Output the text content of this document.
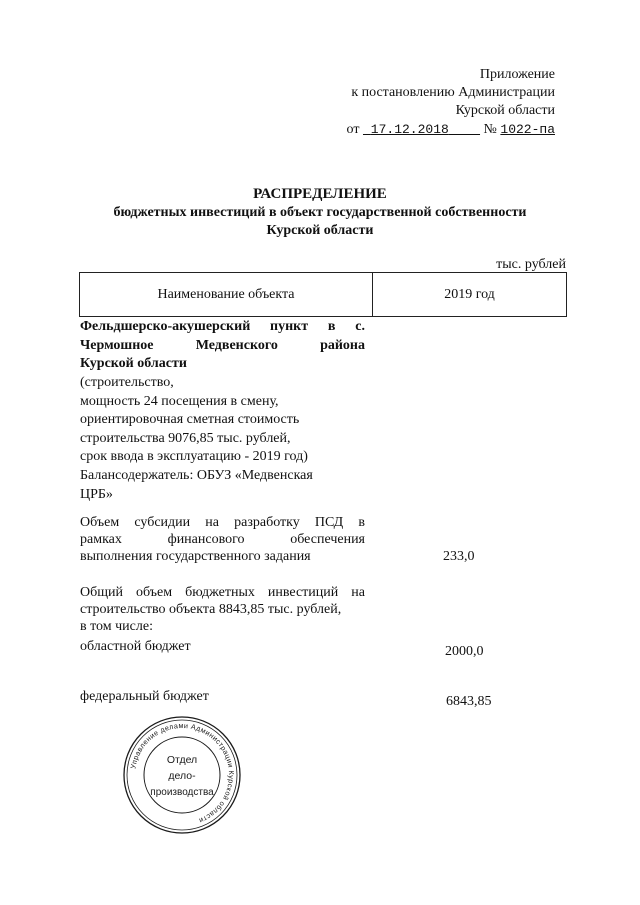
Приложение
к постановлению Администрации
Курской области
от 17.12.2018 № 1022-па
РАСПРЕДЕЛЕНИЕ
бюджетных инвестиций в объект государственной собственности
Курской области
тыс. рублей
Наименование объекта	2019 год
Фельдшерско-акушерский пункт в с.
Чермошное Медвенского района
Курской области
(строительство,
мощность 24 посещения в смену,
ориентировочная сметная стоимость
строительства 9076,85 тыс. рублей,
срок ввода в эксплуатацию - 2019 год)
Балансодержатель: ОБУЗ «Медвенская
ЦРБ»
Объем субсидии на разработку ПСД в
рамках финансового обеспечения
выполнения государственного задания	233,0
Общий объем бюджетных инвестиций на
строительство объекта 8843,85 тыс. рублей,
в том числе:
областной бюджет	2000,0
федеральный бюджет	6843,85
Управление делами Администрации Курской области
Отдел
дело-
производства
